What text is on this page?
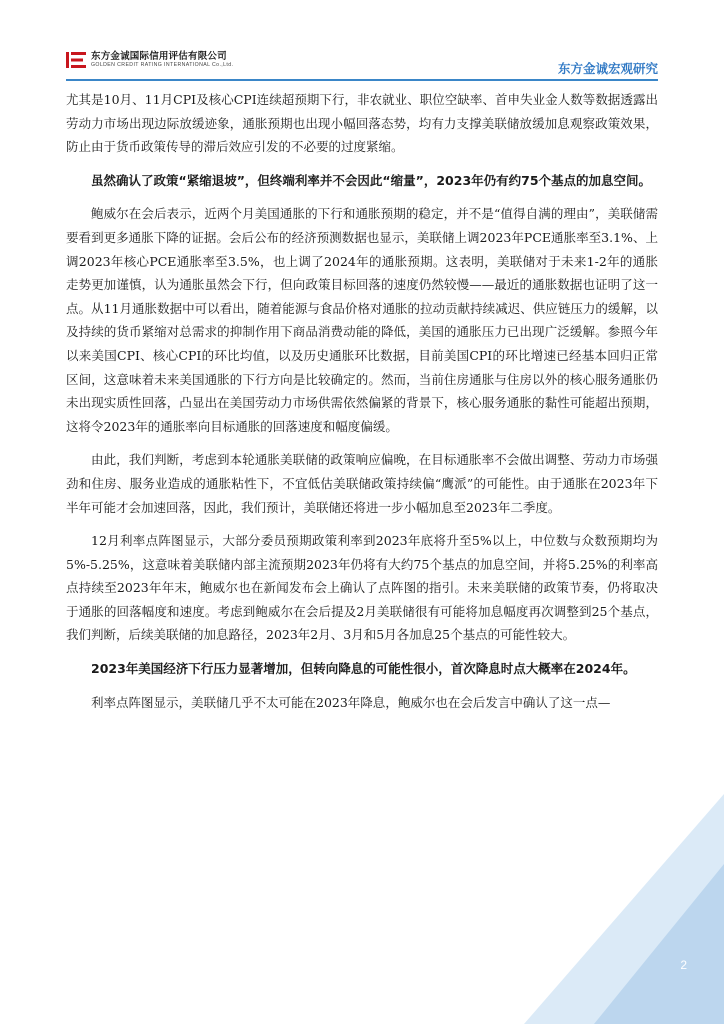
东方金诚国际信用评估有限公司
GOLDEN CREDIT RATING INTERNATIONAL Co.,Ltd.	东方金诚宏观研究

尤其是10月、11月CPI及核心CPI连续超预期下行，非农就业、职位空缺率、首申失业金人数等数据透露出劳动力市场出现边际放缓迹象，通胀预期也出现小幅回落态势，均有力支撑美联储放缓加息观察政策效果，防止由于货币政策传导的滞后效应引发的不必要的过度紧缩。

虽然确认了政策“紧缩退坡”，但终端利率并不会因此“缩量”，2023年仍有约75个基点的加息空间。

鲍威尔在会后表示，近两个月美国通胀的下行和通胀预期的稳定，并不是“值得自满的理由”，美联储需要看到更多通胀下降的证据。会后公布的经济预测数据也显示，美联储上调2023年PCE通胀率至3.1%、上调2023年核心PCE通胀率至3.5%，也上调了2024年的通胀预期。这表明，美联储对于未来1-2年的通胀走势更加谨慎，认为通胀虽然会下行，但向政策目标回落的速度仍然较慢——最近的通胀数据也证明了这一点。从11月通胀数据中可以看出，随着能源与食品价格对通胀的拉动贡献持续减迟、供应链压力的缓解，以及持续的货币紧缩对总需求的抑制作用下商品消费动能的降低，美国的通胀压力已出现广泛缓解。参照今年以来美国CPI、核心CPI的环比均值，以及历史通胀环比数据，目前美国CPI的环比增速已经基本回归正常区间，这意味着未来美国通胀的下行方向是比较确定的。然而，当前住房通胀与住房以外的核心服务通胀仍未出现实质性回落，凸显出在美国劳动力市场供需依然偏紧的背景下，核心服务通胀的黏性可能超出预期，这将令2023年的通胀率向目标通胀的回落速度和幅度偏缓。

由此，我们判断，考虑到本轮通胀美联储的政策响应偏晚，在目标通胀率不会做出调整、劳动力市场强劲和住房、服务业造成的通胀粘性下，不宜低估美联储政策持续偏“鹰派”的可能性。由于通胀在2023年下半年可能才会加速回落，因此，我们预计，美联储还将进一步小幅加息至2023年二季度。

12月利率点阵图显示，大部分委员预期政策利率到2023年底将升至5%以上，中位数与众数预期均为5%-5.25%，这意味着美联储内部主流预期2023年仍将有大约75个基点的加息空间，并将5.25%的利率高点持续至2023年年末，鲍威尔也在新闻发布会上确认了点阵图的指引。未来美联储的政策节奏，仍将取决于通胀的回落幅度和速度。考虑到鲍威尔在会后提及2月美联储很有可能将加息幅度再次调整到25个基点，我们判断，后续美联储的加息路径，2023年2月、3月和5月各加息25个基点的可能性较大。

2023年美国经济下行压力显著增加，但转向降息的可能性很小，首次降息时点大概率在2024年。

利率点阵图显示，美联储几乎不太可能在2023年降息，鲍威尔也在会后发言中确认了这一点—

2
